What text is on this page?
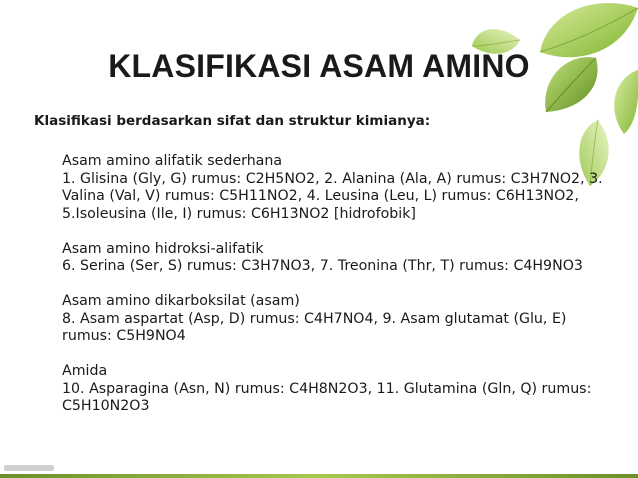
KLASIFIKASI ASAM AMINO
Klasifikasi berdasarkan sifat dan struktur kimianya:
Asam amino alifatik sederhana
1. Glisina (Gly, G) rumus: C2H5NO2, 2. Alanina (Ala, A) rumus: C3H7NO2, 3.
Valina (Val, V) rumus: C5H11NO2, 4. Leusina (Leu, L) rumus: C6H13NO2,
5.Isoleusina (Ile, I) rumus: C6H13NO2 [hidrofobik]
Asam amino hidroksi-alifatik
6. Serina (Ser, S) rumus: C3H7NO3, 7. Treonina (Thr, T) rumus: C4H9NO3
Asam amino dikarboksilat (asam)
8. Asam aspartat (Asp, D) rumus: C4H7NO4, 9. Asam glutamat (Glu, E)
rumus: C5H9NO4
Amida
10. Asparagina (Asn, N) rumus: C4H8N2O3, 11. Glutamina (Gln, Q) rumus:
C5H10N2O3
